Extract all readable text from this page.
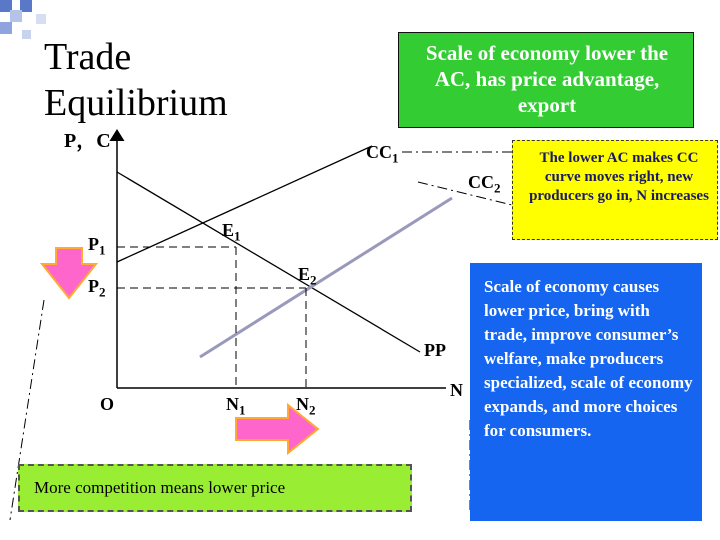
Trade
Equilibrium
Scale of economy lower the AC, has price advantage, export
The lower AC makes CC curve moves right, new producers go in, N increases
Scale of economy causes lower price, bring with trade, improve consumer’s welfare, make producers specialized, scale of economy expands, and more choices for consumers.
More competition means lower price
P，C
N
O
$CC_1$
$CC_2$
PP
$E_1$
$E_2$
$P_1$
$P_2$
$N_1$	$N_2$
